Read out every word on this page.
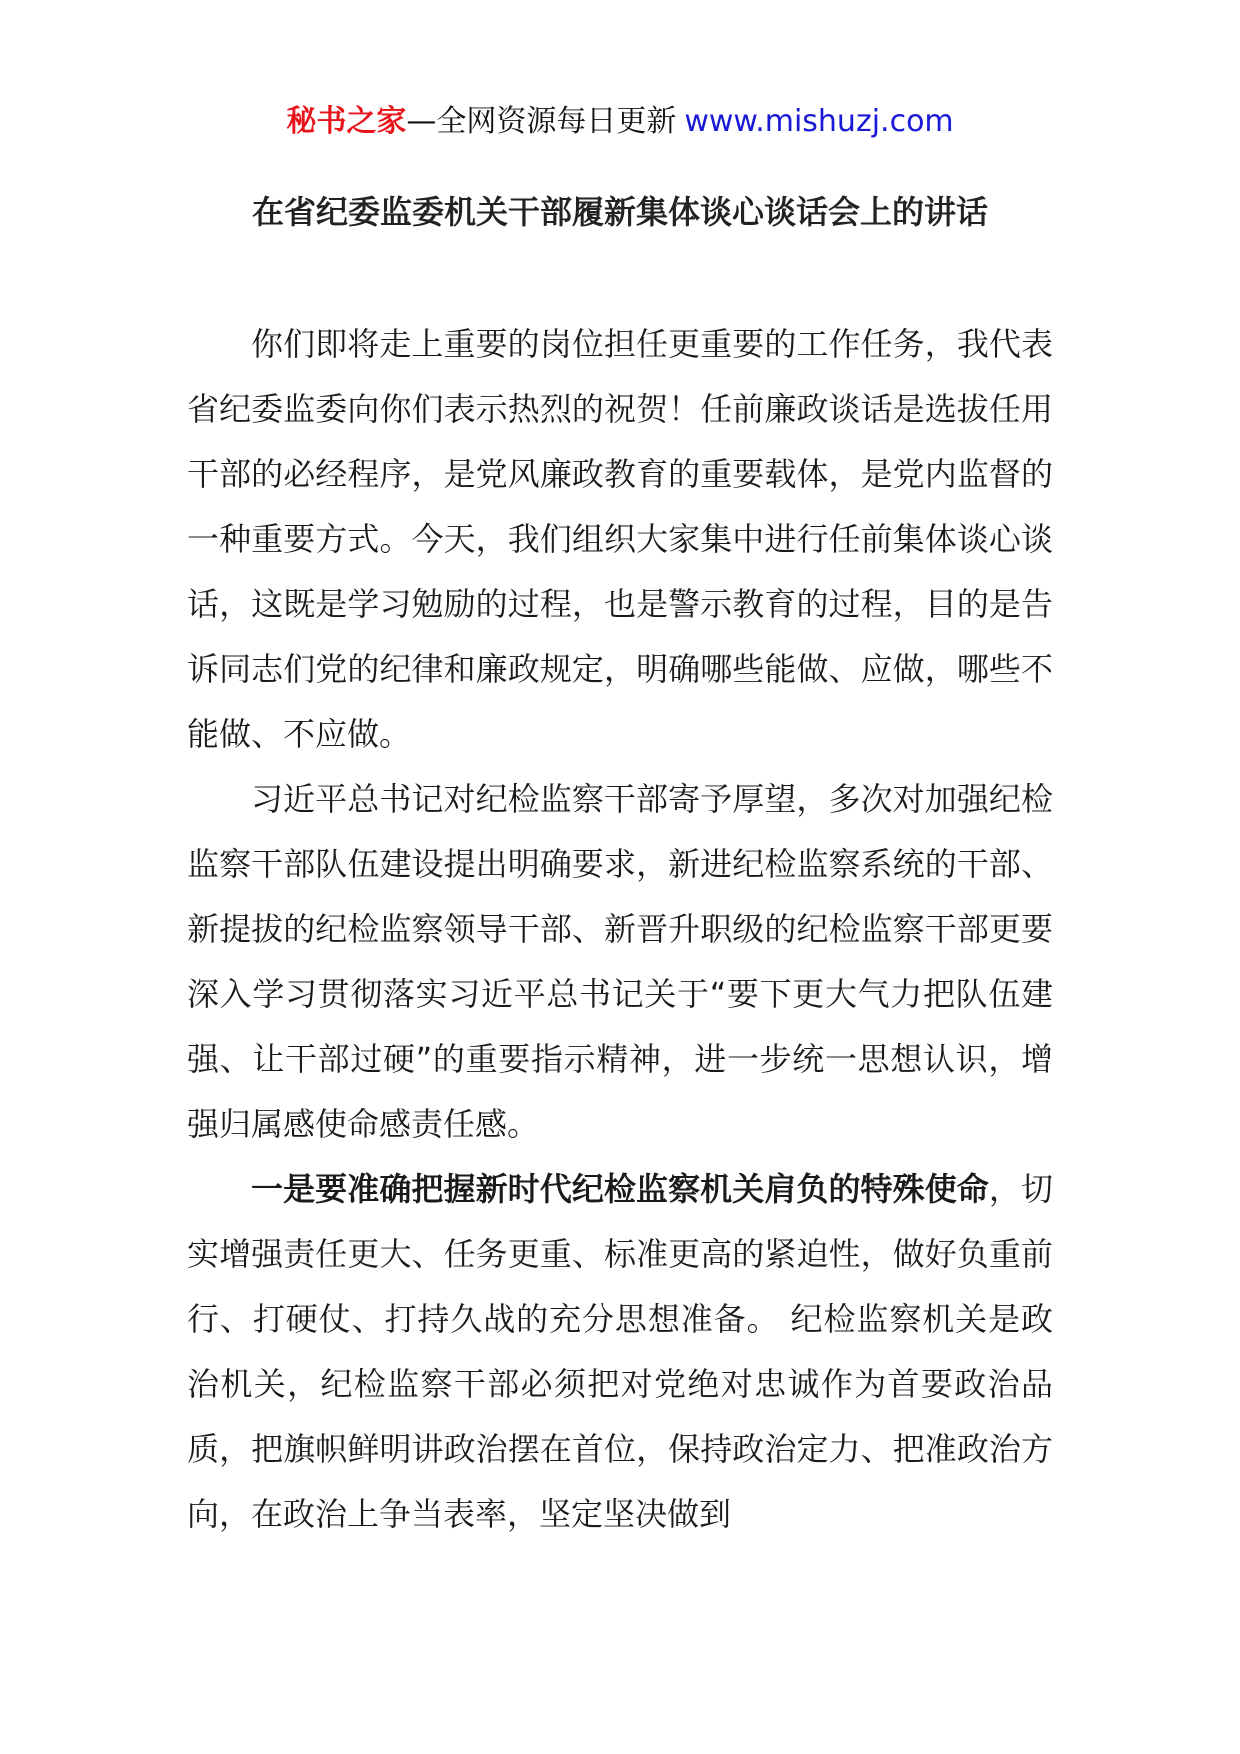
秘书之家—全网资源每日更新 www.mishuzj.com
在省纪委监委机关干部履新集体谈心谈话会上的讲话

你们即将走上重要的岗位担任更重要的工作任务，我代表省纪委监委向你们表示热烈的祝贺！任前廉政谈话是选拔任用干部的必经程序，是党风廉政教育的重要载体，是党内监督的一种重要方式。今天，我们组织大家集中进行任前集体谈心谈话，这既是学习勉励的过程，也是警示教育的过程，目的是告诉同志们党的纪律和廉政规定，明确哪些能做、应做，哪些不能做、不应做。

习近平总书记对纪检监察干部寄予厚望，多次对加强纪检监察干部队伍建设提出明确要求，新进纪检监察系统的干部、新提拔的纪检监察领导干部、新晋升职级的纪检监察干部更要深入学习贯彻落实习近平总书记关于“要下更大气力把队伍建强、让干部过硬”的重要指示精神，进一步统一思想认识，增强归属感使命感责任感。

一是要准确把握新时代纪检监察机关肩负的特殊使命，切实增强责任更大、任务更重、标准更高的紧迫性，做好负重前行、打硬仗、打持久战的充分思想准备。 纪检监察机关是政治机关，纪检监察干部必须把对党绝对忠诚作为首要政治品质，把旗帜鲜明讲政治摆在首位，保持政治定力、把准政治方向，在政治上争当表率，坚定坚决做到
